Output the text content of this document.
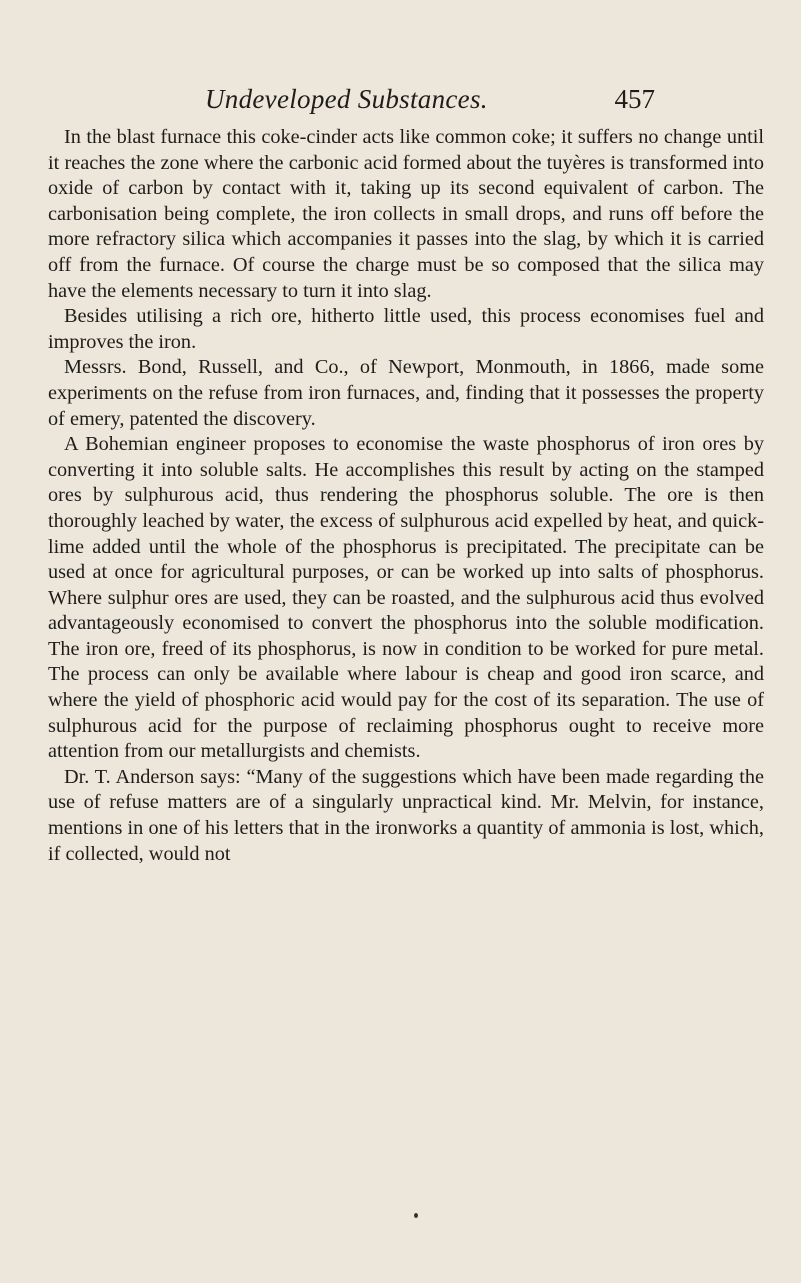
Undeveloped Substances.	457

In the blast furnace this coke-cinder acts like common coke; it suffers no change until it reaches the zone where the carbonic acid formed about the tuyères is transformed into oxide of carbon by contact with it, taking up its second equivalent of carbon. The carbonisation being complete, the iron collects in small drops, and runs off before the more refractory silica which accompanies it passes into the slag, by which it is carried off from the furnace. Of course the charge must be so composed that the silica may have the elements necessary to turn it into slag.

Besides utilising a rich ore, hitherto little used, this process economises fuel and improves the iron.

Messrs. Bond, Russell, and Co., of Newport, Monmouth, in 1866, made some experiments on the refuse from iron furnaces, and, finding that it possesses the property of emery, patented the discovery.

A Bohemian engineer proposes to economise the waste phosphorus of iron ores by converting it into soluble salts. He accomplishes this result by acting on the stamped ores by sulphurous acid, thus rendering the phosphorus soluble. The ore is then thoroughly leached by water, the excess of sulphurous acid expelled by heat, and quick-lime added until the whole of the phosphorus is precipitated. The precipitate can be used at once for agricultural purposes, or can be worked up into salts of phosphorus. Where sulphur ores are used, they can be roasted, and the sulphurous acid thus evolved advantageously economised to convert the phosphorus into the soluble modification. The iron ore, freed of its phosphorus, is now in condition to be worked for pure metal. The process can only be available where labour is cheap and good iron scarce, and where the yield of phosphoric acid would pay for the cost of its separation. The use of sulphurous acid for the purpose of reclaiming phosphorus ought to receive more attention from our metallurgists and chemists.

Dr. T. Anderson says: “Many of the suggestions which have been made regarding the use of refuse matters are of a singularly unpractical kind. Mr. Melvin, for instance, mentions in one of his letters that in the ironworks a quantity of ammonia is lost, which, if collected, would not
